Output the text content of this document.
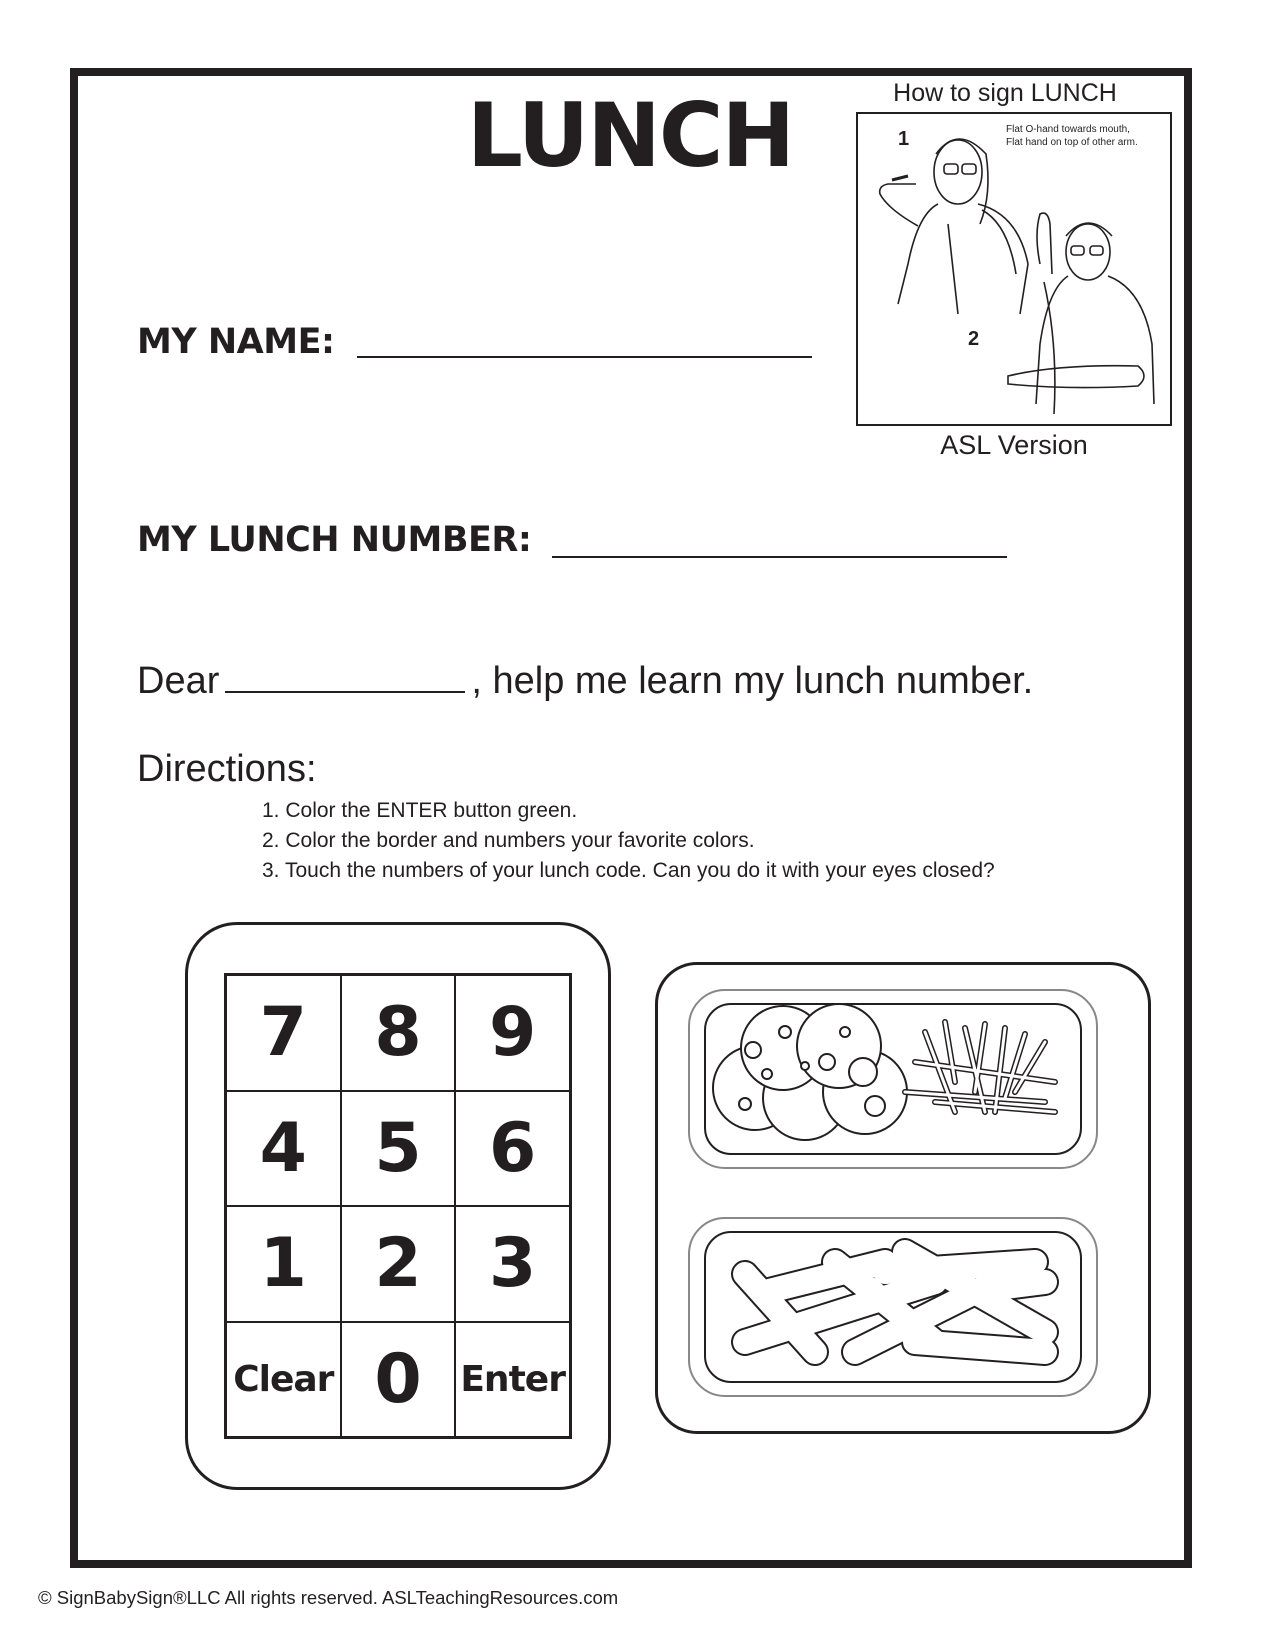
LUNCH	How to sign LUNCH
1	Flat O-hand towards mouth,
Flat hand on top of other arm.
2
ASL Version
MY NAME:
MY LUNCH NUMBER:
Dear	, help me learn my lunch number.
Directions:
1. Color the ENTER button green.
2. Color the border and numbers your favorite colors.
3. Touch the numbers of your lunch code. Can you do it with your eyes closed?
7 8 9
4 5 6
1 2 3
Clear 0	Enter
© SignBabySign®LLC All rights reserved. ASLTeachingResources.com
